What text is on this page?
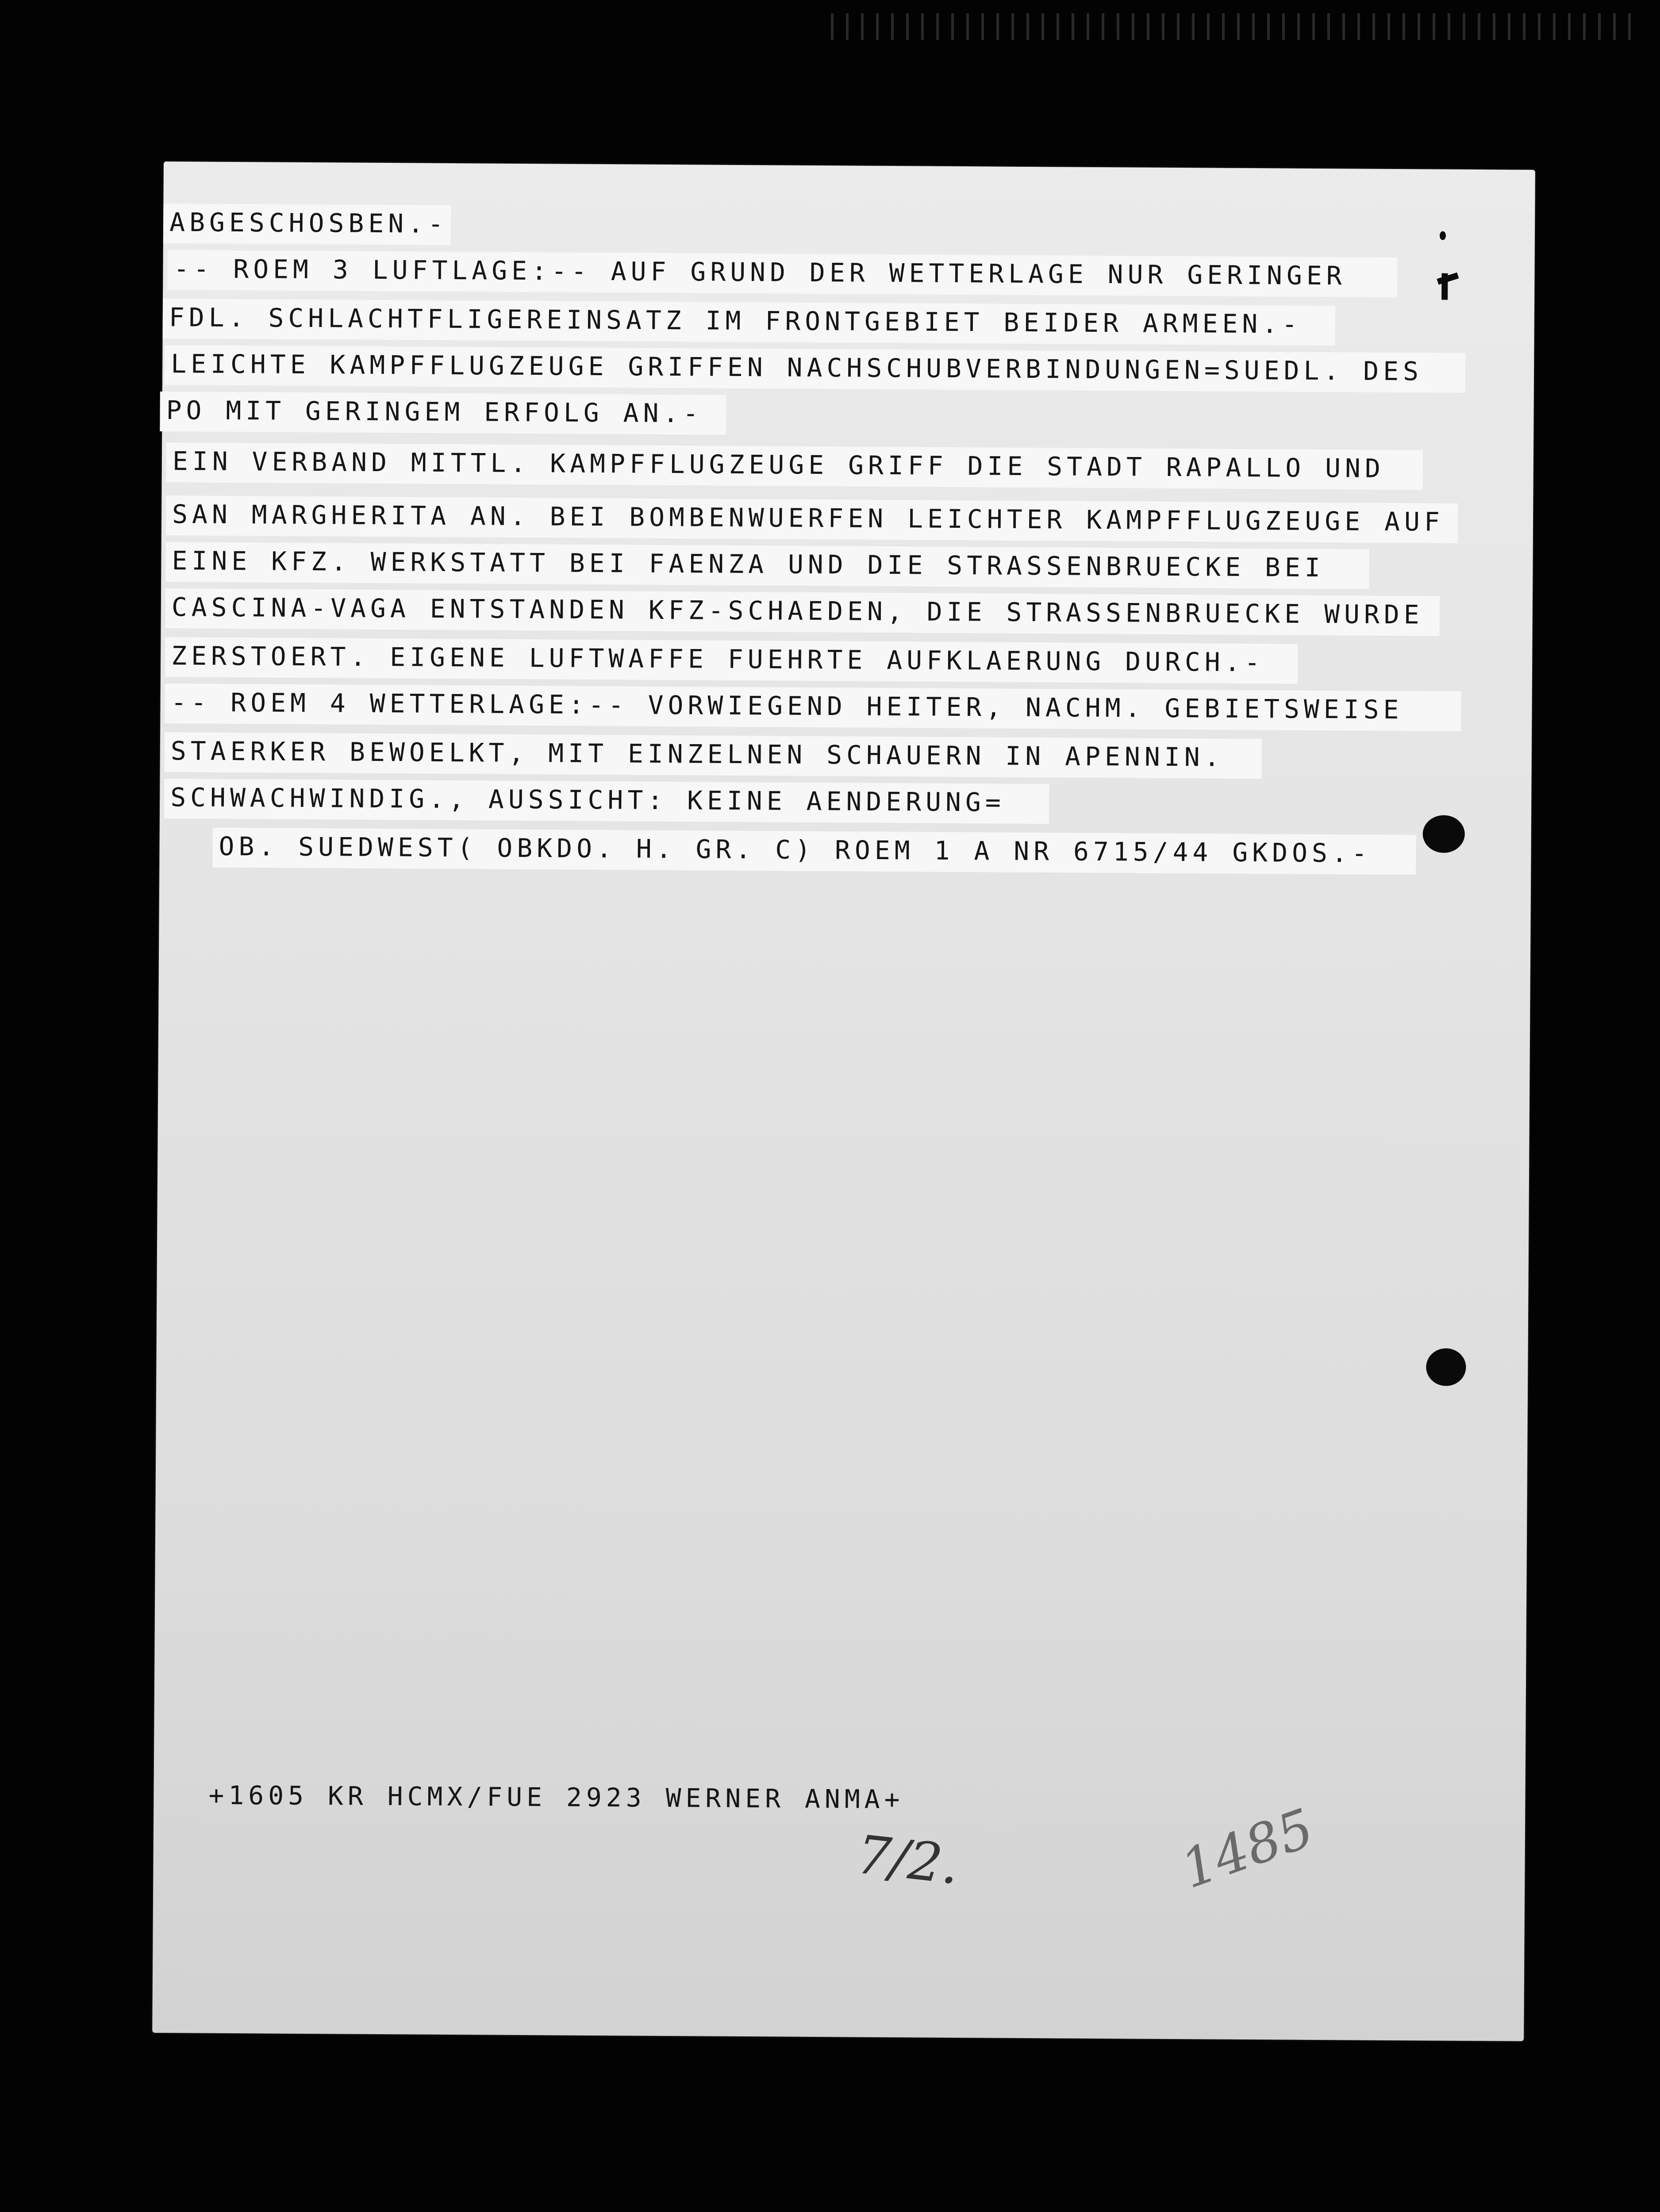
ABGESCHOSBEN.-
-- ROEM 3 LUFTLAGE:-- AUF GRUND DER WETTERLAGE NUR GERINGER
FDL. SCHLACHTFLIGEREINSATZ IM FRONTGEBIET BEIDER ARMEEN.-
LEICHTE KAMPFFLUGZEUGE GRIFFEN NACHSCHUBVERBINDUNGEN=SUEDL. DES
PO MIT GERINGEM ERFOLG AN.-
EIN VERBAND MITTL. KAMPFFLUGZEUGE GRIFF DIE STADT RAPALLO UND
SAN MARGHERITA AN. BEI BOMBENWUERFEN LEICHTER KAMPFFLUGZEUGE AUF
EINE KFZ. WERKSTATT BEI FAENZA UND DIE STRASSENBRUECKE BEI
CASCINA-VAGA ENTSTANDEN KFZ-SCHAEDEN, DIE STRASSENBRUECKE WURDE
ZERSTOERT. EIGENE LUFTWAFFE FUEHRTE AUFKLAERUNG DURCH.-
-- ROEM 4 WETTERLAGE:-- VORWIEGEND HEITER, NACHM. GEBIETSWEISE
STAERKER BEWOELKT, MIT EINZELNEN SCHAUERN IN APENNIN.
SCHWACHWINDIG., AUSSICHT: KEINE AENDERUNG=
OB. SUEDWEST( OBKDO. H. GR. C) ROEM 1 A NR 6715/44 GKDOS.-
+1605 KR HCMX/FUE 2923 WERNER ANMA+
7/2.	1485
